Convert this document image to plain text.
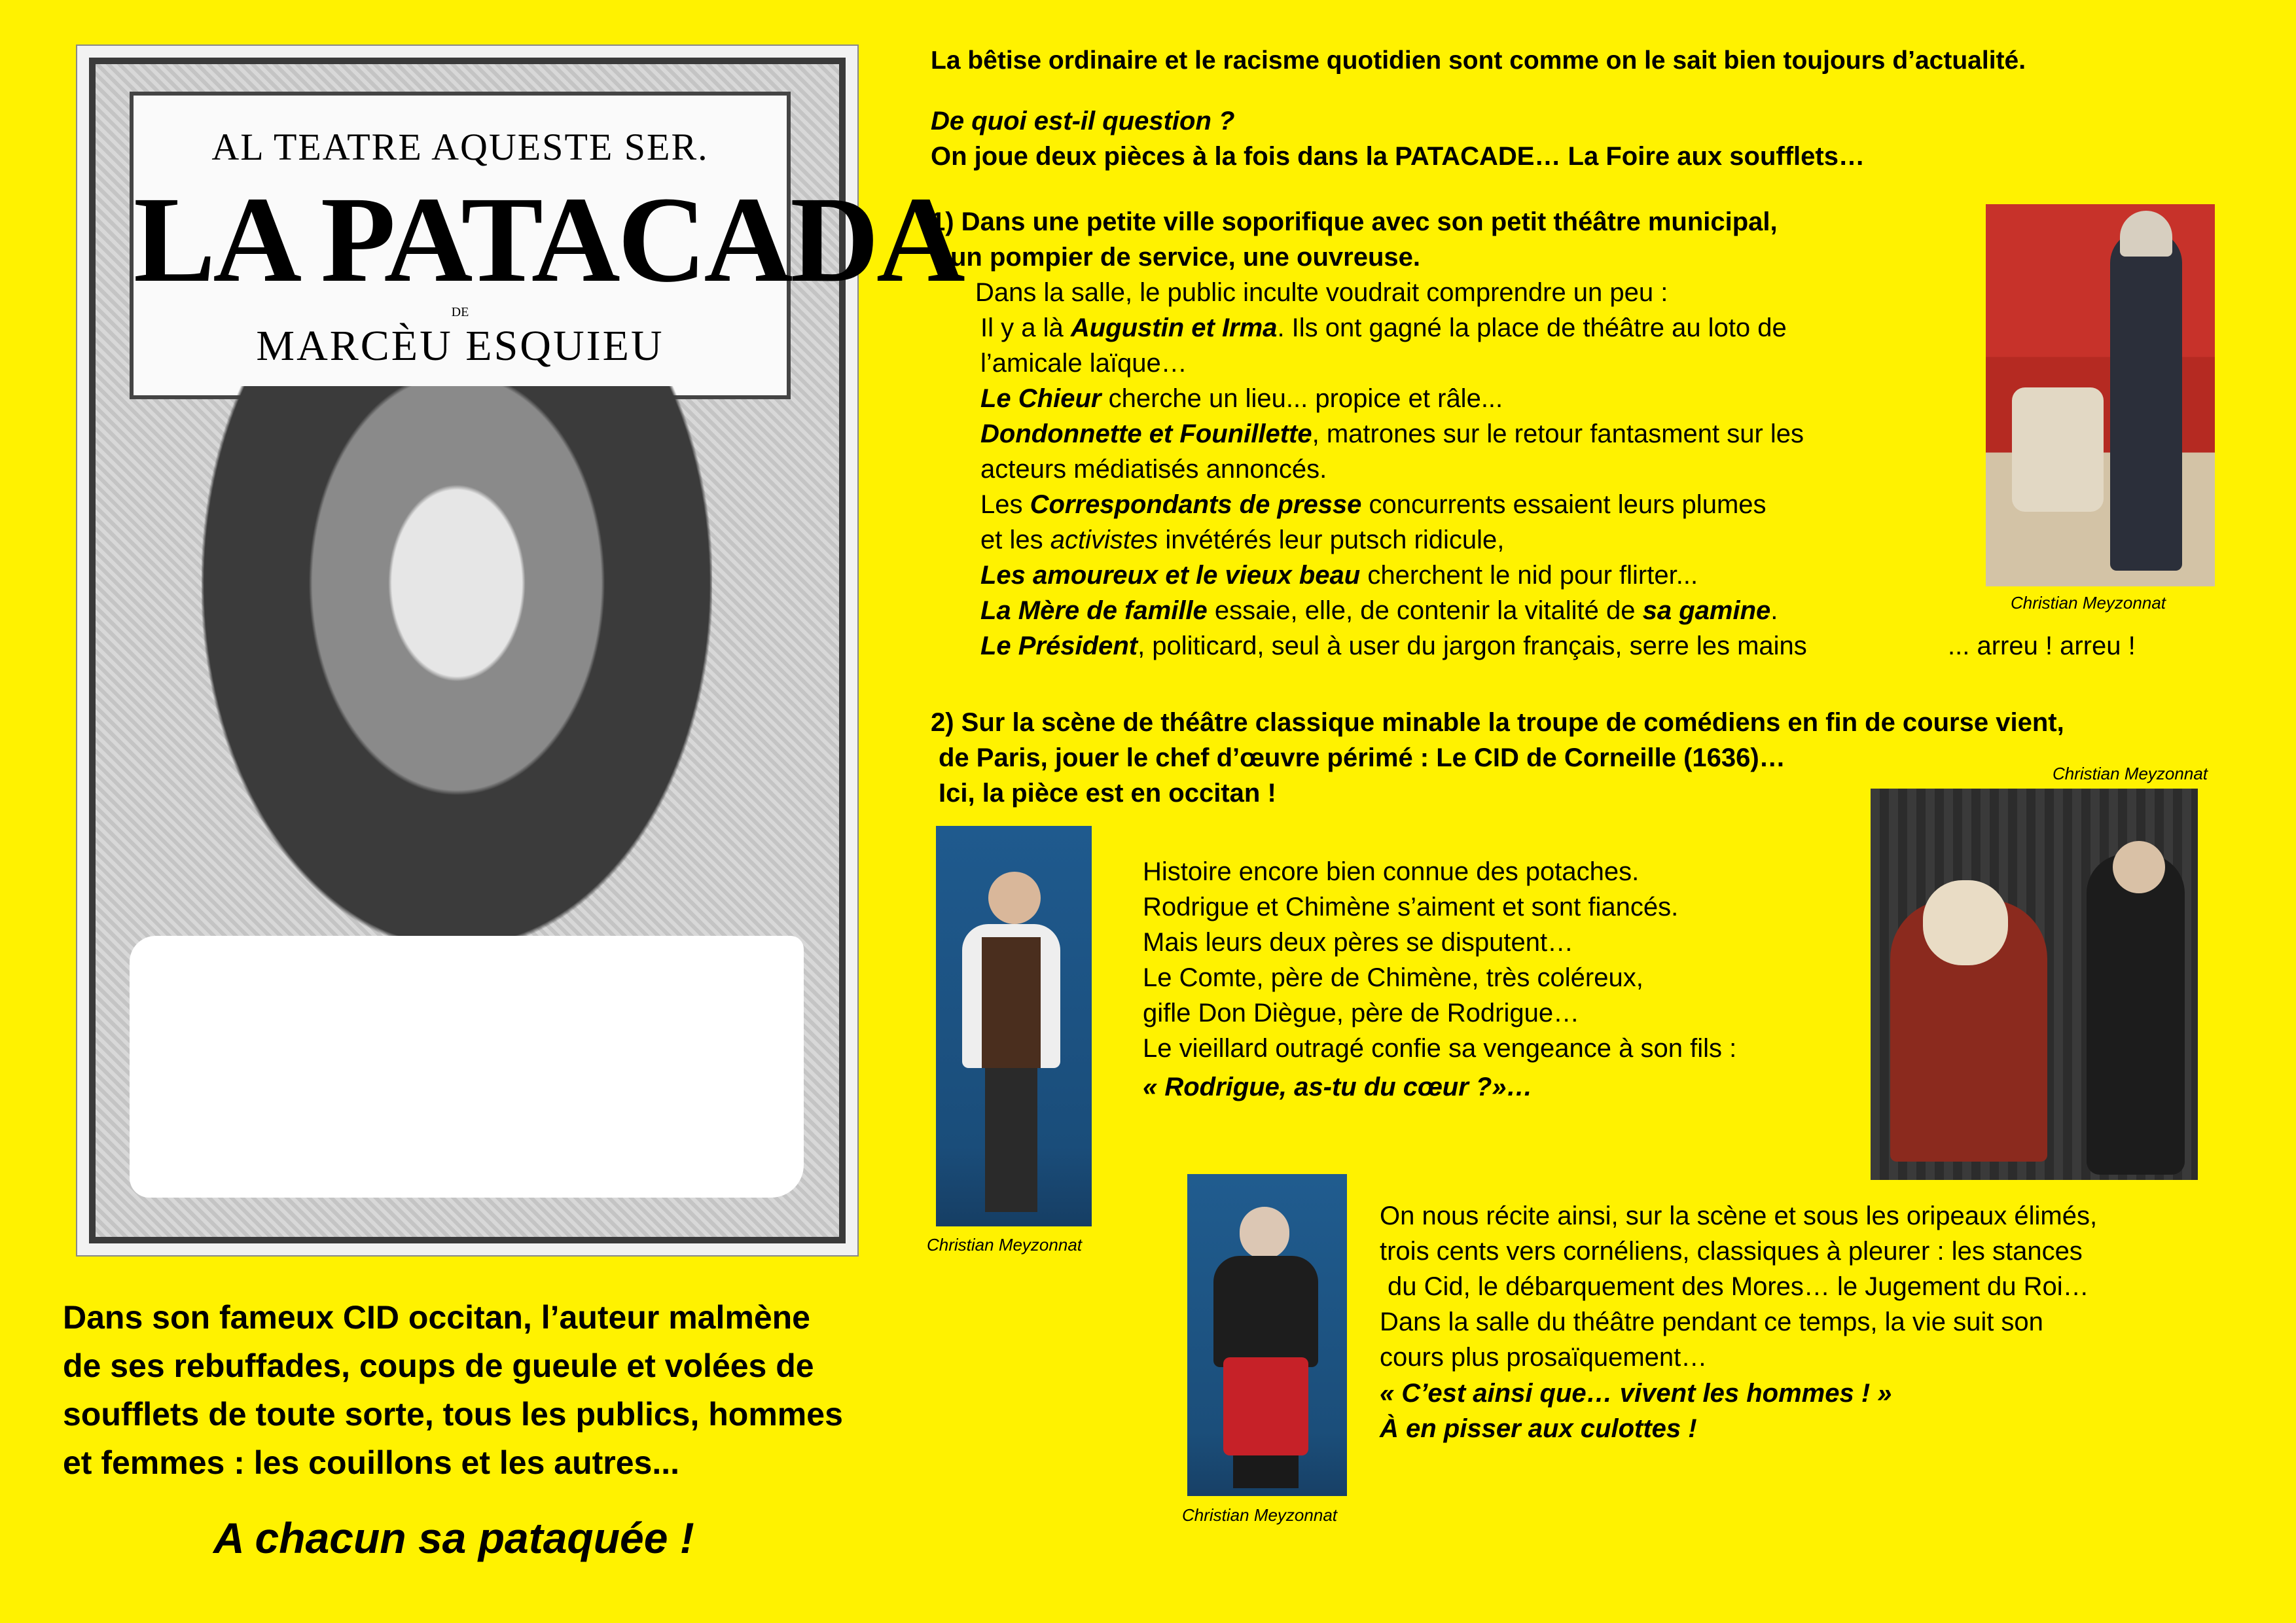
AL TEATRE AQUESTE SER.
LA PATACADA
DE
MARCÈU ESQUIEU
La bêtise ordinaire et le racisme quotidien sont comme on le sait bien toujours d’actualité.
De quoi est-il question ?
On joue deux pièces à la fois dans la PATACADE… La Foire aux soufflets…
1) Dans une petite ville soporifique avec son petit théâtre municipal,
un pompier de service, une ouvreuse.
Dans la salle, le public inculte voudrait comprendre un peu :
Il y a là Augustin et Irma. Ils ont gagné la place de théâtre au loto de
l’amicale laïque…
Le Chieur cherche un lieu... propice et râle...
Dondonnette et Founillette, matrones sur le retour fantasment sur les
acteurs médiatisés annoncés.
Les Correspondants de presse concurrents essaient leurs plumes
et les activistes invétérés leur putsch ridicule,
Les amoureux et le vieux beau cherchent le nid pour flirter...
La Mère de famille essaie, elle, de contenir la vitalité de sa gamine.
Le Président, politicard, seul à user du jargon français, serre les mains	... arreu ! arreu !
Christian Meyzonnat
2) Sur la scène de théâtre classique minable la troupe de comédiens en fin de course vient,
de Paris, jouer le chef d’œuvre périmé : Le CID de Corneille (1636)…
Ici, la pièce est en occitan !
Christian Meyzonnat
Christian Meyzonnat
Histoire encore bien connue des potaches.
Rodrigue et Chimène s’aiment et sont fiancés.
Mais leurs deux pères se disputent…
Le Comte, père de Chimène, très coléreux,
gifle Don Diègue, père de Rodrigue…
Le vieillard outragé confie sa vengeance à son fils :
« Rodrigue, as-tu du cœur ?»…
Christian Meyzonnat
On nous récite ainsi, sur la scène et sous les oripeaux élimés,
trois cents vers cornéliens, classiques à pleurer : les stances
du Cid, le débarquement des Mores… le Jugement du Roi…
Dans la salle du théâtre pendant ce temps, la vie suit son
cours plus prosaïquement…
« C’est ainsi que… vivent les hommes ! »
À en pisser aux culottes !
Dans son fameux CID occitan, l’auteur malmène
de ses rebuffades, coups de gueule et volées de
soufflets de toute sorte, tous les publics, hommes
et femmes : les couillons et les autres...
A chacun sa pataquée !
